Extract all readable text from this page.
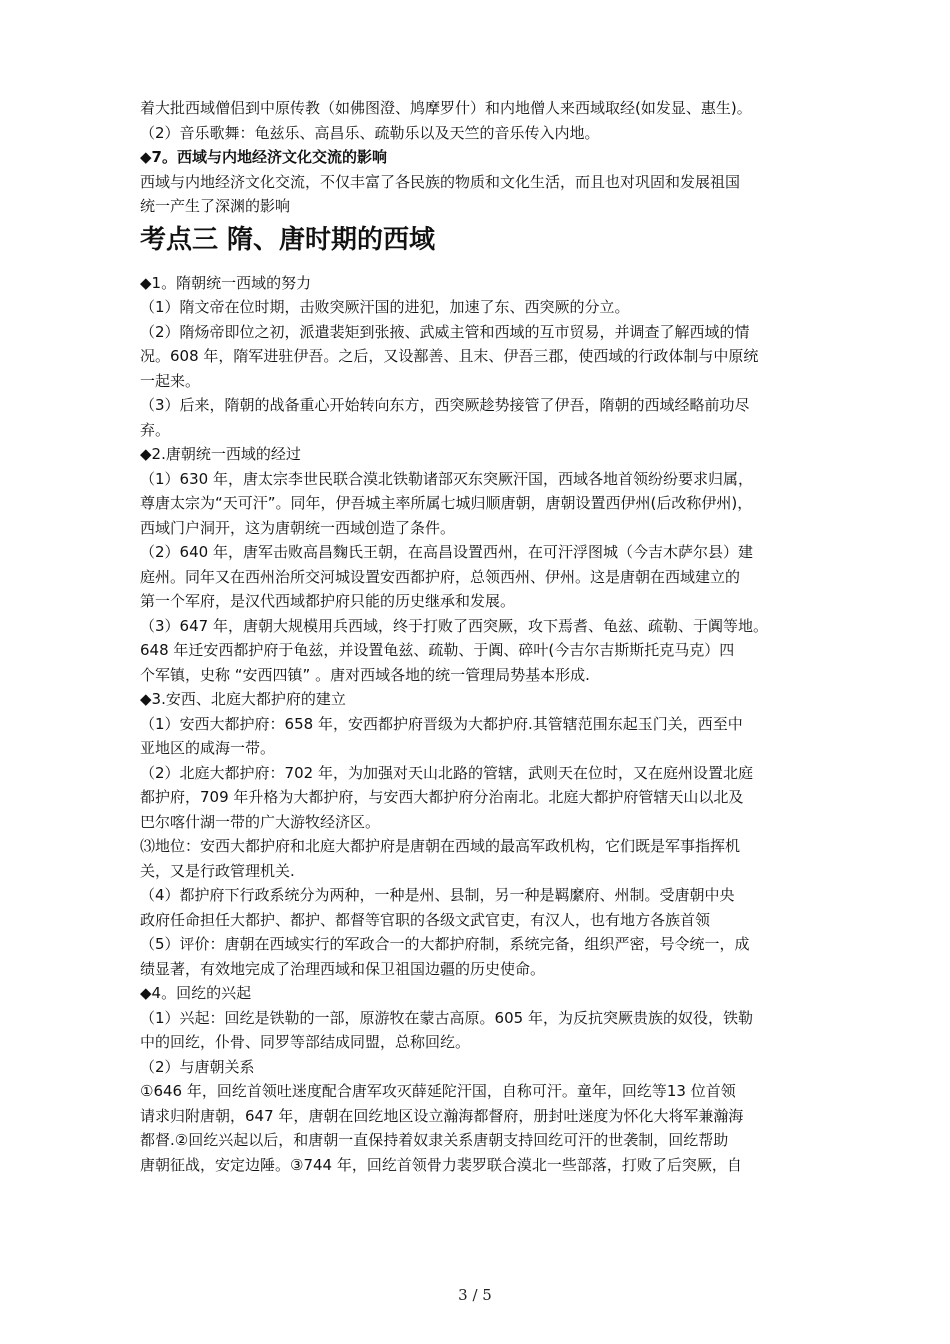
着大批西域僧侣到中原传教（如佛图澄、鸠摩罗什）和内地僧人来西域取经(如发显、惠生)。
（2）音乐歌舞：龟兹乐、高昌乐、疏勒乐以及天竺的音乐传入内地。
◆7。西域与内地经济文化交流的影响
西域与内地经济文化交流，不仅丰富了各民族的物质和文化生活，而且也对巩固和发展祖国
统一产生了深渊的影响
考点三 隋、唐时期的西域
◆1。隋朝统一西域的努力
（1）隋文帝在位时期，击败突厥汗国的进犯，加速了东、西突厥的分立。
（2）隋炀帝即位之初，派遣裴矩到张掖、武威主管和西域的互市贸易，并调查了解西域的情
况。608 年，隋军进驻伊吾。之后，又设鄯善、且末、伊吾三郡，使西域的行政体制与中原统
一起来。
（3）后来，隋朝的战备重心开始转向东方，西突厥趁势接管了伊吾，隋朝的西域经略前功尽
弃。
◆2.唐朝统一西域的经过
（1）630 年，唐太宗李世民联合漠北铁勒诸部灭东突厥汗国，西域各地首领纷纷要求归属，
尊唐太宗为“天可汗”。同年，伊吾城主率所属七城归顺唐朝，唐朝设置西伊州(后改称伊州)，
西域门户洞开，这为唐朝统一西域创造了条件。
（2）640 年，唐军击败高昌麴氏王朝，在高昌设置西州，在可汗浮图城（今吉木萨尔县）建
庭州。同年又在西州治所交河城设置安西都护府，总领西州、伊州。这是唐朝在西域建立的
第一个军府，是汉代西域都护府只能的历史继承和发展。
（3）647 年，唐朝大规模用兵西域，终于打败了西突厥，攻下焉耆、龟兹、疏勒、于阗等地。
648 年迁安西都护府于龟兹，并设置龟兹、疏勒、于阗、碎叶(今吉尔吉斯斯托克马克）四
个军镇，史称 “安西四镇” 。唐对西域各地的统一管理局势基本形成.
◆3.安西、北庭大都护府的建立
（1）安西大都护府：658 年，安西都护府晋级为大都护府.其管辖范围东起玉门关，西至中
亚地区的咸海一带。
（2）北庭大都护府：702 年，为加强对天山北路的管辖，武则天在位时，又在庭州设置北庭
都护府，709 年升格为大都护府，与安西大都护府分治南北。北庭大都护府管辖天山以北及
巴尔喀什湖一带的广大游牧经济区。
⑶地位：安西大都护府和北庭大都护府是唐朝在西域的最高军政机构，它们既是军事指挥机
关，又是行政管理机关.
（4）都护府下行政系统分为两种，一种是州、县制，另一种是羁縻府、州制。受唐朝中央
政府任命担任大都护、都护、都督等官职的各级文武官吏，有汉人，也有地方各族首领
（5）评价：唐朝在西域实行的军政合一的大都护府制，系统完备，组织严密，号令统一，成
绩显著，有效地完成了治理西域和保卫祖国边疆的历史使命。
◆4。回纥的兴起
（1）兴起：回纥是铁勒的一部，原游牧在蒙古高原。605 年，为反抗突厥贵族的奴役，铁勒
中的回纥，仆骨、同罗等部结成同盟，总称回纥。
（2）与唐朝关系
①646 年，回纥首领吐迷度配合唐军攻灭薛延陀汗国，自称可汗。童年，回纥等13 位首领
请求归附唐朝，647 年，唐朝在回纥地区设立瀚海都督府，册封吐迷度为怀化大将军兼瀚海
都督.②回纥兴起以后，和唐朝一直保持着奴隶关系唐朝支持回纥可汗的世袭制，回纥帮助
唐朝征战，安定边陲。③744 年，回纥首领骨力裴罗联合漠北一些部落，打败了后突厥，自
3 / 5
